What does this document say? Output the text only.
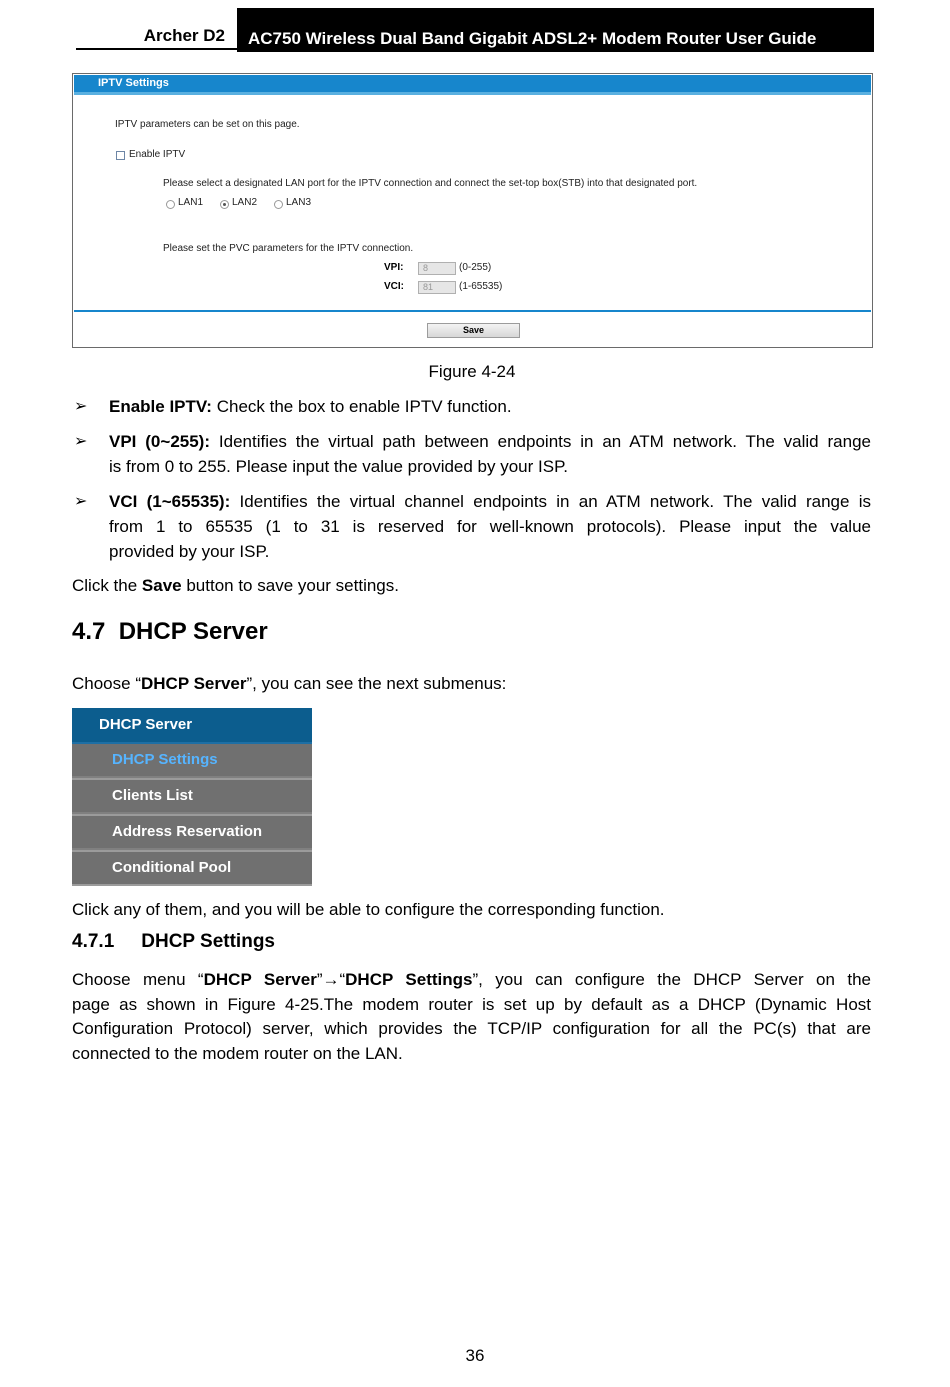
Archer D2 AC750 Wireless Dual Band Gigabit ADSL2+ Modem Router User Guide
IPTV Settings
IPTV parameters can be set on this page.
Enable IPTV
Please select a designated LAN port for the IPTV connection and connect the set-top box(STB) into that designated port.
LAN1	LAN2	LAN3
Please set the PVC parameters for the IPTV connection.
VPI:	8	(0-255)
VCI:	81	(1-65535)
Save
Figure 4-24
➢ Enable IPTV: Check the box to enable IPTV function.
➢ VPI (0~255): Identifies the virtual path between endpoints in an ATM network. The valid range
is from 0 to 255. Please input the value provided by your ISP.
➢ VCI (1~65535): Identifies the virtual channel endpoints in an ATM network. The valid range is
from 1 to 65535 (1 to 31 is reserved for well-known protocols). Please input the value
provided by your ISP.
Click the Save button to save your settings.
4.7 DHCP Server
Choose “DHCP Server”, you can see the next submenus:
DHCP Server
DHCP Settings
Clients List
Address Reservation
Conditional Pool
Click any of them, and you will be able to configure the corresponding function.
4.7.1 DHCP Settings
Choose menu “DHCP Server”→“DHCP Settings”, you can configure the DHCP Server on the
page as shown in Figure 4-25.The modem router is set up by default as a DHCP (Dynamic Host
Configuration Protocol) server, which provides the TCP/IP configuration for all the PC(s) that are
connected to the modem router on the LAN.
36
